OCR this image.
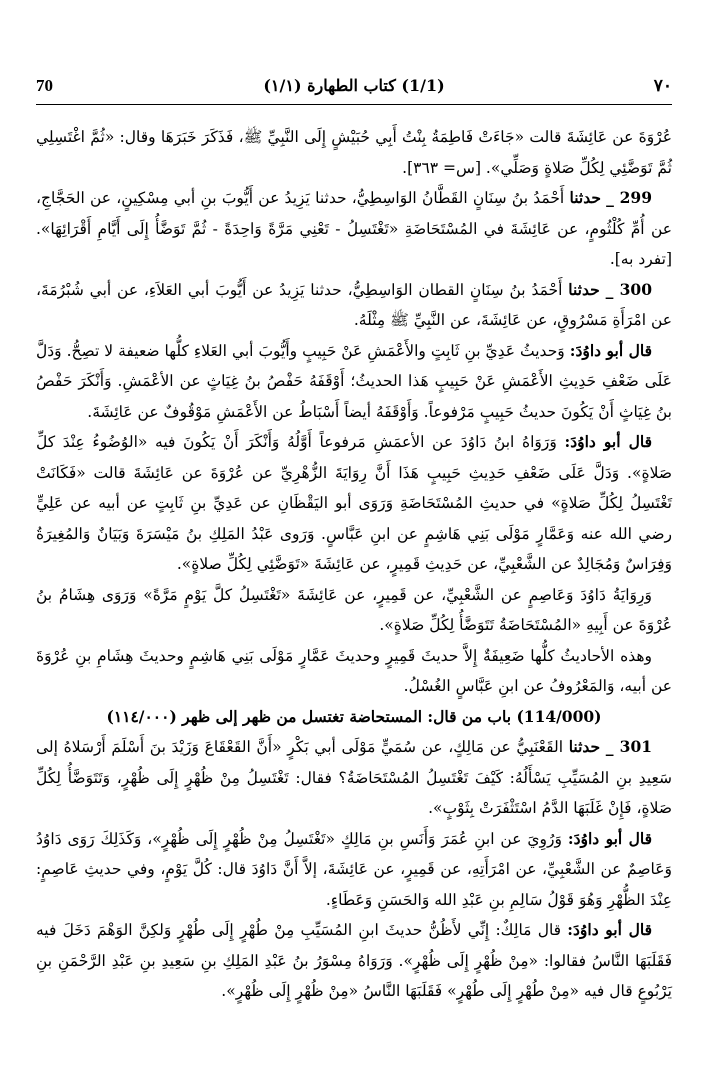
70	(1/1) كتاب الطهارة (١/١)	٧٠

عُرْوَةَ عن عَائِشَةَ قالت «جَاءَتْ فَاطِمَةُ بِنْتُ أَبِي حُبَيْشٍ إِلَى النَّبِيِّ ﷺ، فَذَكَرَ خَبَرَهَا وقال: «ثُمَّ اغْتَسِلِي ثُمَّ تَوَضَّئِي لِكُلِّ صَلاةٍ وَصَلِّي». [س= ٣٦٣].

299 _ حدثنا أَحْمَدُ بنُ سِنَانٍ القَطَّانُ الوَاسِطِيُّ، حدثنا يَزِيدُ عن أَيُّوبَ بنِ أبي مِسْكِينٍ، عن الحَجَّاجِ، عن أُمِّ كُلْثُومٍ، عن عَائِشَةَ في المُسْتَحَاضَةِ «تَغْتَسِلُ - تَعْنِي مَرَّةً وَاحِدَةً - ثُمَّ تَوَضَّأُ إِلَى أَيَّامِ أَقْرَائِهَا». [تفرد به].

300 _ حدثنا أَحْمَدُ بنُ سِنَانٍ القطان الوَاسِطِيُّ، حدثنا يَزِيدُ عن أَيُّوبَ أبي العَلاَءِ، عن أبي شُبْرُمَةَ، عن امْرَأَةِ مَسْرُوقٍ، عن عَائِشَةَ، عن النَّبِيِّ ﷺ مِثْلَهُ.

قال أبو داوُدَ: وَحديثُ عَدِيِّ بنِ ثَابِتٍ والأَعْمَشِ عَنْ حَبِيبٍ وأَيُّوبَ أبي العَلاءِ كلُّها ضعيفة لا تصِحُّ. وَدَلَّ عَلَى ضَعْفِ حَدِيثِ الأَعْمَشِ عَنْ حَبِيبٍ هَذا الحديثُ؛ أَوْقَفَهُ حَفْصُ بنُ غِيَاثٍ عن الأعْمَشِ. وَأَنْكَرَ حَفْصُ بنُ غِيَاثٍ أَنْ يَكُونَ حديثُ حَبِيبٍ مَرْفوعاً. وَأَوْقَفَهُ أيضاً أَسْبَاطُ عن الأَعْمَشِ مَوْقُوفٌ عن عَائِشَةَ.

قال أبو داوُدَ: وَرَوَاهُ ابنُ دَاوُدَ عن الأعمَشِ مَرفوعاً أَوَّلُهُ وَأَنْكَرَ أَنْ يَكُونَ فيه «الوُضُوءُ عِنْدَ كلِّ صَلاةٍ». وَدَلَّ عَلَى ضَعْفِ حَدِيثِ حَبِيبٍ هَذَا أَنَّ رِوَايَةَ الزُّهْرِيِّ عن عُرْوَةَ عن عَائِشَةَ قالت «فَكَانَتْ تَغْتَسِلُ لِكُلِّ صَلاةٍ» في حديثِ المُسْتَحَاضَةِ وَرَوَى أبو اليَقْظَانِ عن عَدِيِّ بنِ ثَابِتٍ عن أبيه عن عَلِيٍّ رضي الله عنه وَعَمَّارٍ مَوْلَى بَنِي هَاشِمٍ عن ابنِ عَبَّاسٍ. وَرَوى عَبْدُ المَلِكِ بنُ مَيْسَرَةَ وَبَيَانٌ وَالمُغِيرَةُ وَفِرَاسٌ وَمُجَالِدٌ عن الشَّعْبِيِّ، عن حَدِيثِ قَمِيرٍ، عن عَائِشَةَ «تَوَضَّئِي لِكُلِّ صلاةٍ».

وَرِوَايَةُ دَاوُدَ وَعَاصِمٍ عن الشَّعْبِيِّ، عن قَمِيرٍ، عن عَائِشَةَ «تَغْتَسِلُ كلَّ يَوْمٍ مَرَّةً» وَرَوَى هِشَامُ بنُ عُرْوَةَ عن أَبِيهِ «المُسْتَحَاضَةُ تَتَوَضَّأُ لِكُلِّ صَلاةٍ».

وهذه الأحاديثُ كلُّها ضَعِيفَةٌ إِلاَّ حديثَ قَمِيرٍ وحديثَ عَمَّارٍ مَوْلَى بَنِي هَاشِمٍ وحديثَ هِشَامِ بنِ عُرْوَةَ عن أبيه، وَالمَعْرُوفُ عن ابنِ عَبَّاسٍ الغُسْلُ.

(114/000) باب من قال: المستحاضة تغتسل من ظهر إلى ظهر (١١٤/٠٠٠)

301 _ حدثنا القَعْنَبِيُّ عن مَالِكٍ، عن سُمَيٍّ مَوْلَى أبي بَكْرٍ «أَنَّ القَعْقَاعَ وَزَيْدَ بنَ أَسْلَمَ أَرْسَلاهُ إلى سَعِيدِ بنِ المُسَيِّبِ يَسْأَلُهُ: كَيْفَ تَغْتَسِلُ المُسْتَحَاضَةُ؟ فقال: تَغْتَسِلُ مِنْ ظُهْرٍ إِلَى ظُهْرٍ، وَتَتَوَضَّأُ لِكُلِّ صَلاةٍ، فَإِنْ غَلَبَهَا الدَّمُ اسْتَثْفَرَتْ بِثَوْبٍ».

قال أبو داوُدَ: وَرُوِيَ عن ابنِ عُمَرَ وَأَنَسِ بنِ مَالِكٍ «تَغْتَسِلُ مِنْ ظُهْرٍ إِلَى ظُهْرٍ»، وَكَذَلِكَ رَوَى دَاوُدُ وَعَاصِمٌ عن الشَّعْبِيِّ، عن امْرَأَتِهِ، عن قَمِيرٍ، عن عَائِشَةَ، إلاَّ أَنَّ دَاوُدَ قال: كُلَّ يَوْمٍ، وفي حديثِ عَاصِمٍ: عِنْدَ الظُّهْرِ وَهُوَ قَوْلُ سَالِمِ بنِ عَبْدِ الله وَالحَسَنِ وَعَطَاءٍ.

قال أبو داوُدَ: قال مَالِكٌ: إِنِّي لأَظُنُّ حديثَ ابنِ المُسَيِّبِ مِنْ طُهْرٍ إِلَى طُهْرٍ وَلكِنَّ الوَهْمَ دَخَلَ فيه فَقَلَبَهَا النَّاسُ فقالوا: «مِنْ ظُهْرٍ إِلَى ظُهْرٍ». وَرَوَاهُ مِسْوَرُ بنُ عَبْدِ المَلِكِ بنِ سَعِيدِ بنِ عَبْدِ الرَّحْمَنِ بنِ يَرْبُوعٍ قال فيه «مِنْ طُهْرٍ إِلَى طُهْرٍ» فَقَلَبَهَا النَّاسُ «مِنْ ظُهْرٍ إِلَى ظُهْرٍ».
